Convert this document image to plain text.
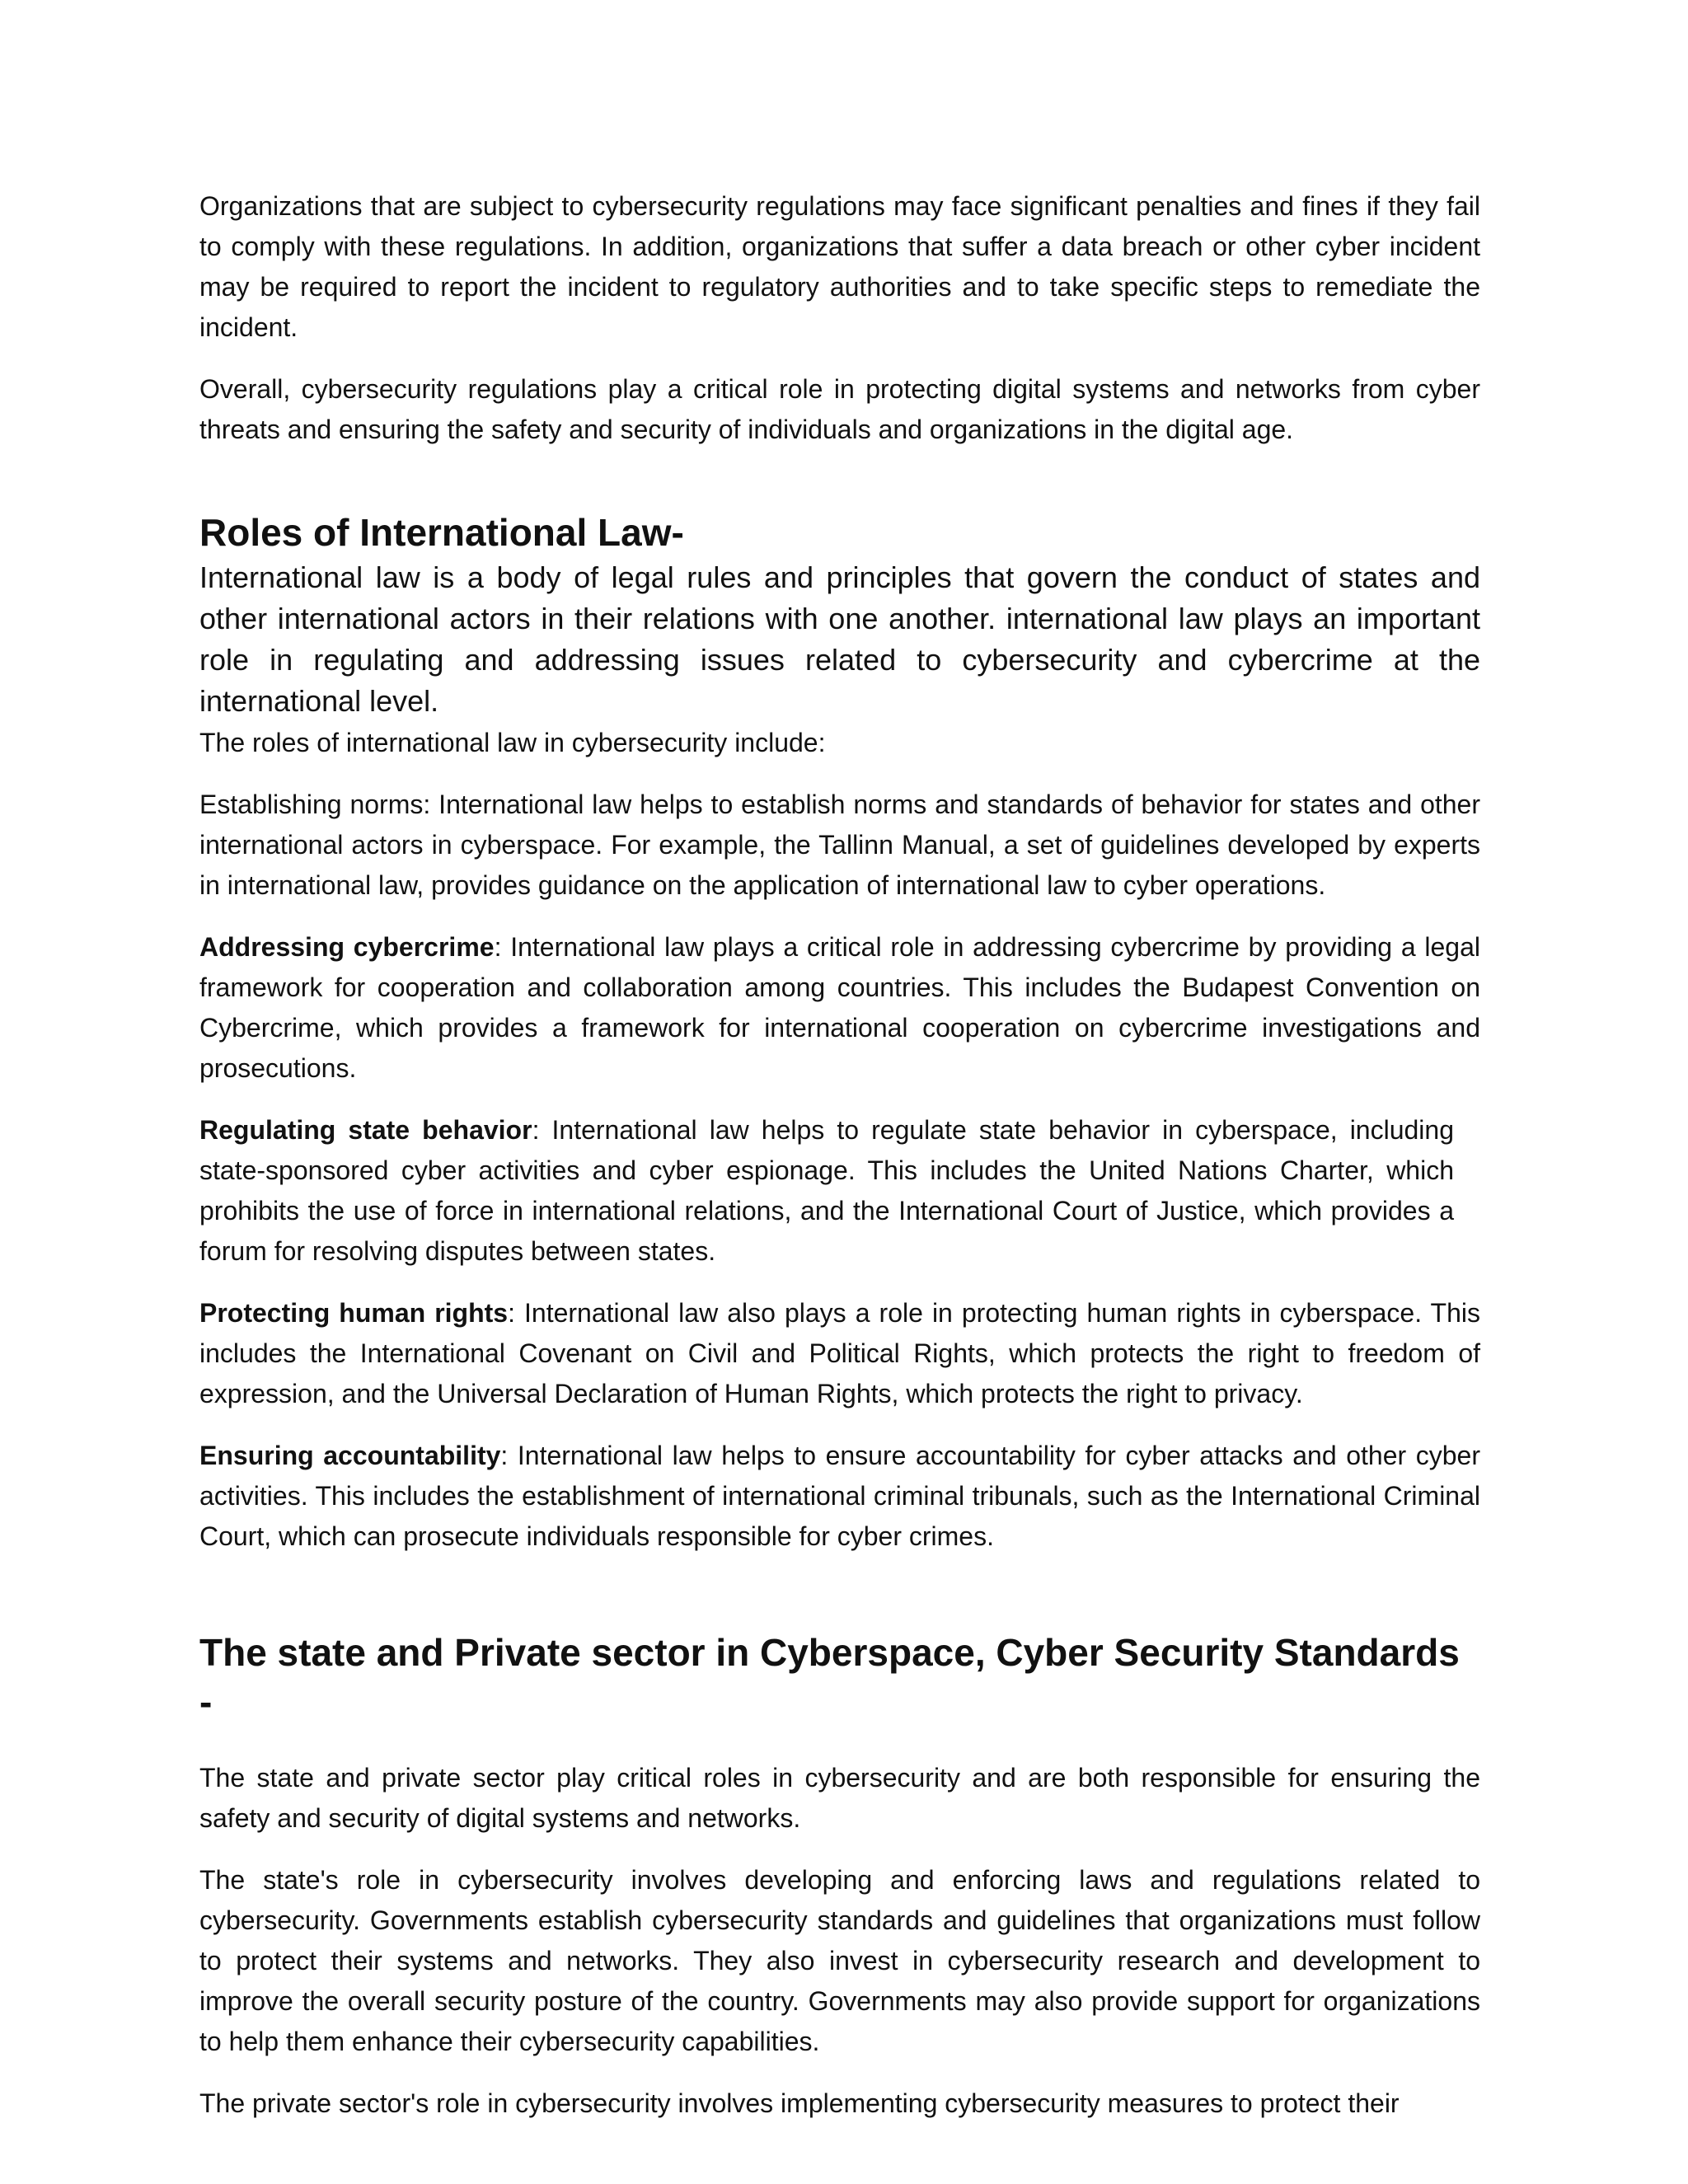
Organizations that are subject to cybersecurity regulations may face significant penalties and fines if they fail to comply with these regulations. In addition, organizations that suffer a data breach or other cyber incident may be required to report the incident to regulatory authorities and to take specific steps to remediate the incident.

Overall, cybersecurity regulations play a critical role in protecting digital systems and networks from cyber threats and ensuring the safety and security of individuals and organizations in the digital age.

Roles of International Law-

International law is a body of legal rules and principles that govern the conduct of states and other international actors in their relations with one another. international law plays an important role in regulating and addressing issues related to cybersecurity and cybercrime at the international level.

The roles of international law in cybersecurity include:

Establishing norms: International law helps to establish norms and standards of behavior for states and other international actors in cyberspace. For example, the Tallinn Manual, a set of guidelines developed by experts in international law, provides guidance on the application of international law to cyber operations.

Addressing cybercrime: International law plays a critical role in addressing cybercrime by providing a legal framework for cooperation and collaboration among countries. This includes the Budapest Convention on Cybercrime, which provides a framework for international cooperation on cybercrime investigations and prosecutions.

Regulating state behavior: International law helps to regulate state behavior in cyberspace, including state-sponsored cyber activities and cyber espionage. This includes the United Nations Charter, which prohibits the use of force in international relations, and the International Court of Justice, which provides a forum for resolving disputes between states.

Protecting human rights: International law also plays a role in protecting human rights in cyberspace. This includes the International Covenant on Civil and Political Rights, which protects the right to freedom of expression, and the Universal Declaration of Human Rights, which protects the right to privacy.

Ensuring accountability: International law helps to ensure accountability for cyber attacks and other cyber activities. This includes the establishment of international criminal tribunals, such as the International Criminal Court, which can prosecute individuals responsible for cyber crimes.

The state and Private sector in Cyberspace, Cyber Security Standards -

The state and private sector play critical roles in cybersecurity and are both responsible for ensuring the safety and security of digital systems and networks.

The state's role in cybersecurity involves developing and enforcing laws and regulations related to cybersecurity. Governments establish cybersecurity standards and guidelines that organizations must follow to protect their systems and networks. They also invest in cybersecurity research and development to improve the overall security posture of the country. Governments may also provide support for organizations to help them enhance their cybersecurity capabilities.

The private sector's role in cybersecurity involves implementing cybersecurity measures to protect their
